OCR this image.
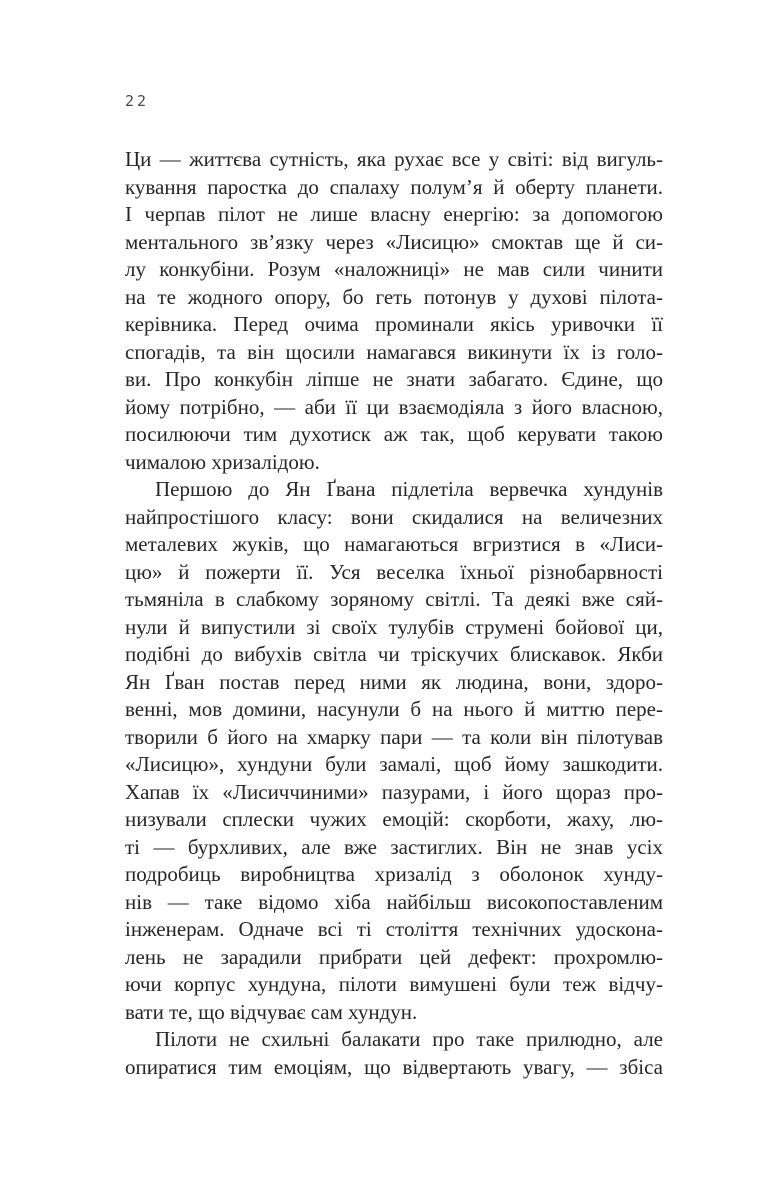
22
Ци — життєва сутність, яка рухає все у світі: від вигуль-
кування паростка до спалаху полум’я й оберту планети.
І черпав пілот не лише власну енергію: за допомогою
ментального зв’язку через «Лисицю» смоктав ще й си-
лу конкубіни. Розум «наложниці» не мав сили чинити
на те жодного опору, бо геть потонув у духові пілота-
керівника. Перед очима проминали якісь уривочки її
спогадів, та він щосили намагався викинути їх із голо-
ви. Про конкубін ліпше не знати забагато. Єдине, що
йому потрібно, — аби її ци взаємодіяла з його власною,
посилюючи тим духотиск аж так, щоб керувати такою
чималою хризалідою.
Першою до Ян Ґвана підлетіла вервечка хундунів
найпростішого класу: вони скидалися на величезних
металевих жуків, що намагаються вгризтися в «Лиси-
цю» й пожерти її. Уся веселка їхньої різнобарвності
тьмяніла в слабкому зоряному світлі. Та деякі вже сяй-
нули й випустили зі своїх тулубів струмені бойової ци,
подібні до вибухів світла чи тріскучих блискавок. Якби
Ян Ґван постав перед ними як людина, вони, здоро-
венні, мов домини, насунули б на нього й миттю пере-
творили б його на хмарку пари — та коли він пілотував
«Лисицю», хундуни були замалі, щоб йому зашкодити.
Хапав їх «Лисиччиними» пазурами, і його щораз про-
низували сплески чужих емоцій: скорботи, жаху, лю-
ті — бурхливих, але вже застиглих. Він не знав усіх
подробиць виробництва хризалід з оболонок хунду-
нів — таке відомо хіба найбільш високопоставленим
інженерам. Одначе всі ті століття технічних удоскона-
лень не зарадили прибрати цей дефект: прохромлю-
ючи корпус хундуна, пілоти вимушені були теж відчу-
вати те, що відчуває сам хундун.
Пілоти не схильні балакати про таке прилюдно, але
опиратися тим емоціям, що відвертають увагу, — збіса
